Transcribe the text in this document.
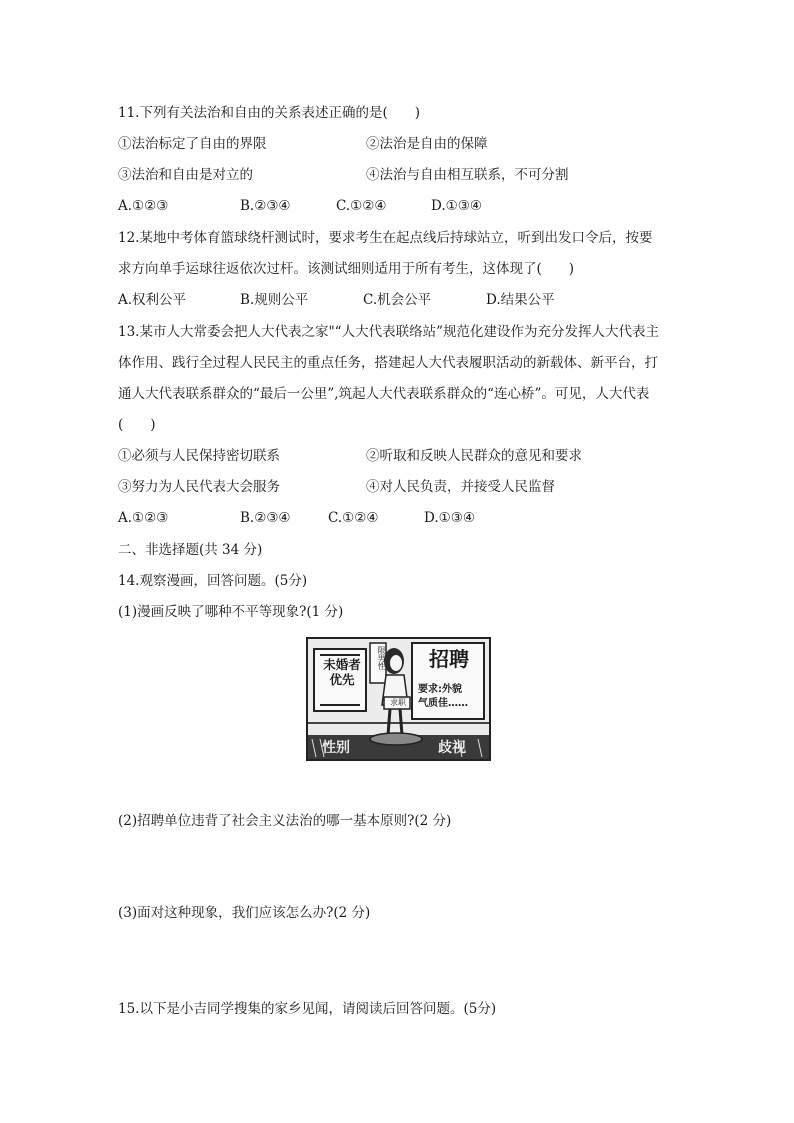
11.下列有关法治和自由的关系表述正确的是(　　)
①法治标定了自由的界限	②法治是自由的保障
③法治和自由是对立的	④法治与自由相互联系，不可分割
A.①②③	B.②③④	C.①②④	D.①③④
12.某地中考体育篮球绕杆测试时，要求考生在起点线后持球站立，听到出发口令后，按要
求方向单手运球往返依次过杆。该测试细则适用于所有考生，这体现了(　　)
A.权利公平	B.规则公平	C.机会公平	D.结果公平
13.某市人大常委会把人大代表之家"“人大代表联络站”规范化建设作为充分发挥人大代表主
体作用、践行全过程人民民主的重点任务，搭建起人大代表履职活动的新载体、新平台，打
通人大代表联系群众的“最后一公里”,筑起人大代表联系群众的“连心桥”。可见，人大代表
(　　)
①必须与人民保持密切联系	②听取和反映人民群众的意见和要求
③努力为人民代表大会服务	④对人民负责，并接受人民监督
A.①②③	B.②③④	C.①②④	D.①③④
二、非选择题(共 34 分)
14.观察漫画，回答问题。(5分)
(1)漫画反映了哪种不平等现象?(1 分)
未婚者
优先
限男性	招聘
要求:外貌
气质佳……
求职
性别	歧视
(2)招聘单位违背了社会主义法治的哪一基本原则?(2 分)
(3)面对这种现象，我们应该怎么办?(2 分)
15.以下是小吉同学搜集的家乡见闻，请阅读后回答问题。(5分)
